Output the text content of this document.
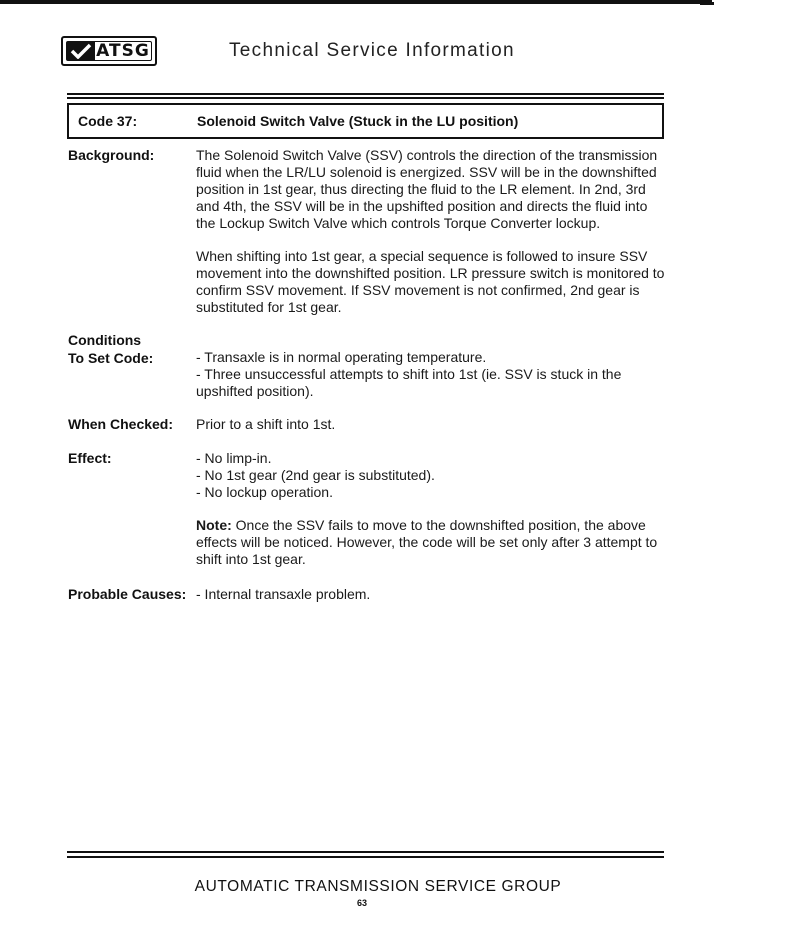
ATSG	Technical Service Information
Code 37:	Solenoid Switch Valve (Stuck in the LU position)
Background:	The Solenoid Switch Valve (SSV) controls the direction of the transmission fluid when the LR/LU solenoid is energized. SSV will be in the downshifted position in 1st gear, thus directing the fluid to the LR element. In 2nd, 3rd and 4th, the SSV will be in the upshifted position and directs the fluid into the Lockup Switch Valve which controls Torque Converter lockup.

When shifting into 1st gear, a special sequence is followed to insure SSV movement into the downshifted position. LR pressure switch is monitored to confirm SSV movement. If SSV movement is not confirmed, 2nd gear is substituted for 1st gear.

Conditions
To Set Code:	- Transaxle is in normal operating temperature.

- Three unsuccessful attempts to shift into 1st (ie. SSV is stuck in the upshifted position).

When Checked: Prior to a shift into 1st.
Effect:	- No limp-in.

- No 1st gear (2nd gear is substituted).

- No lockup operation.

Note: Once the SSV fails to move to the downshifted position, the above effects will be noticed. However, the code will be set only after 3 attempt to shift into 1st gear.

Probable Causes: - Internal transaxle problem.
AUTOMATIC TRANSMISSION SERVICE GROUP
63
